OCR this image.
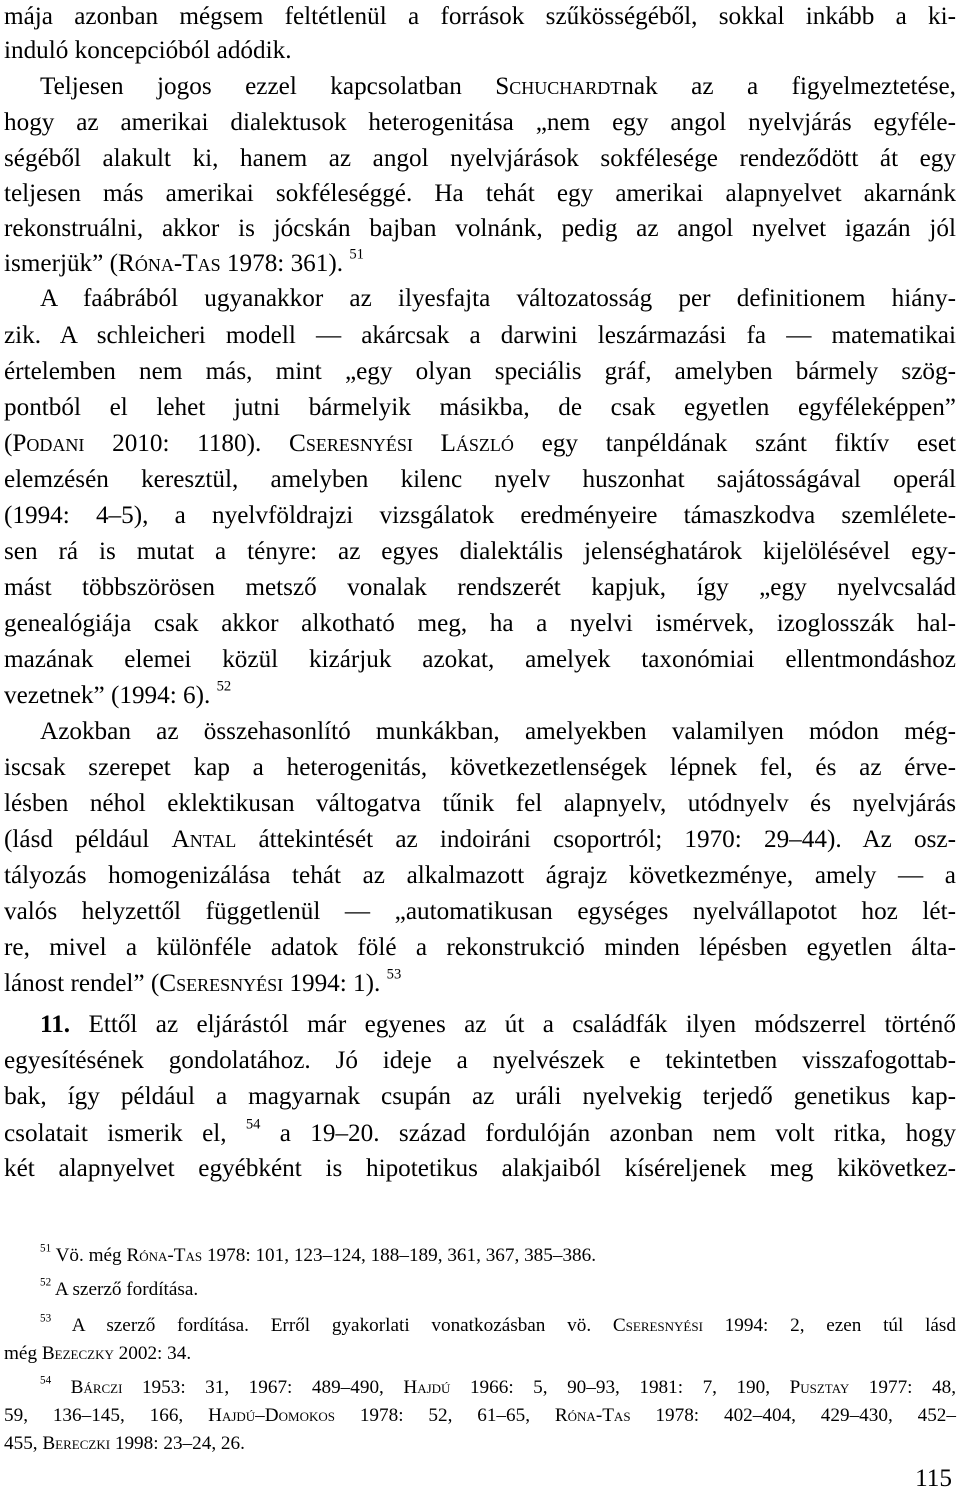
mája azonban mégsem feltétlenül a források szűkösségéből, sokkal inkább a ki-
induló koncepcióból adódik.
Teljesen jogos ezzel kapcsolatban Schuchardtnak az a figyelmeztetése,
hogy az amerikai dialektusok heterogenitása „nem egy angol nyelvjárás egyféle-
ségéből alakult ki, hanem az angol nyelvjárások sokfélesége rendeződött át egy
teljesen más amerikai sokféleséggé. Ha tehát egy amerikai alapnyelvet akarnánk
rekonstruálni, akkor is jócskán bajban volnánk, pedig az angol nyelvet igazán jól
ismerjük” (Róna-Tas 1978: 361). $^{51}$
A faábrából ugyanakkor az ilyesfajta változatosság per definitionem hiány-
zik. A schleicheri modell — akárcsak a darwini leszármazási fa — matematikai
értelemben nem más, mint „egy olyan speciális gráf, amelyben bármely szög-
pontból el lehet jutni bármelyik másikba, de csak egyetlen egyféleképpen”
(Podani 2010: 1180). Cseresnyési László egy tanpéldának szánt fiktív eset
elemzésén keresztül, amelyben kilenc nyelv huszonhat sajátosságával operál
(1994: 4–5), a nyelvföldrajzi vizsgálatok eredményeire támaszkodva szemlélete-
sen rá is mutat a tényre: az egyes dialektális jelenséghatárok kijelölésével egy-
mást többszörösen metsző vonalak rendszerét kapjuk, így „egy nyelvcsalád
genealógiája csak akkor alkotható meg, ha a nyelvi ismérvek, izoglosszák hal-
mazának elemei közül kizárjuk azokat, amelyek taxonómiai ellentmondáshoz
vezetnek” (1994: 6). $^{52}$
Azokban az összehasonlító munkákban, amelyekben valamilyen módon még-
iscsak szerepet kap a heterogenitás, következetlenségek lépnek fel, és az érve-
lésben néhol eklektikusan váltogatva tűnik fel alapnyelv, utódnyelv és nyelvjárás
(lásd például Antal áttekintését az indoiráni csoportról; 1970: 29–44). Az osz-
tályozás homogenizálása tehát az alkalmazott ágrajz következménye, amely — a
valós helyzettől függetlenül — „automatikusan egységes nyelvállapotot hoz lét-
re, mivel a különféle adatok fölé a rekonstrukció minden lépésben egyetlen álta-
lánost rendel” (Cseresnyési 1994: 1). $^{53}$
11. Ettől az eljárástól már egyenes az út a családfák ilyen módszerrel történő
egyesítésének gondolatához. Jó ideje a nyelvészek e tekintetben visszafogottab-
bak, így például a magyarnak csupán az uráli nyelvekig terjedő genetikus kap-
csolatait ismerik el, $^{54}$ a 19–20. század fordulóján azonban nem volt ritka, hogy
két alapnyelvet egyébként is hipotetikus alakjaiból kíséreljenek meg kikövetkez-
$^{51}$ Vö. még Róna-Tas 1978: 101, 123–124, 188–189, 361, 367, 385–386.
$^{52}$ A szerző fordítása.
$^{53}$ A szerző fordítása. Erről gyakorlati vonatkozásban vö. Cseresnyési 1994: 2, ezen túl lásd
még Bezeczky 2002: 34.
$^{54}$ Bárczi 1953: 31, 1967: 489–490, Hajdú 1966: 5, 90–93, 1981: 7, 190, Pusztay 1977: 48,
59, 136–145, 166, Hajdú–Domokos 1978: 52, 61–65, Róna-Tas 1978: 402–404, 429–430, 452–
455, Bereczki 1998: 23–24, 26.
115
